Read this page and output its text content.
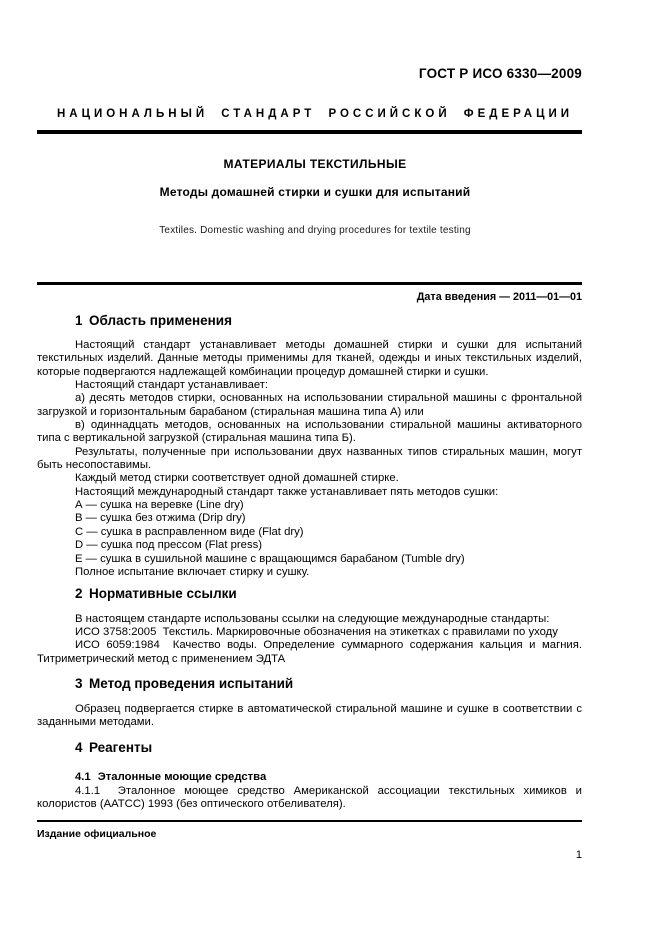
ГОСТ Р ИСО 6330—2009
НАЦИОНАЛЬНЫЙ СТАНДАРТ РОССИЙСКОЙ ФЕДЕРАЦИИ
МАТЕРИАЛЫ ТЕКСТИЛЬНЫЕ
Методы домашней стирки и сушки для испытаний
Textiles. Domestic washing and drying procedures for textile testing
Дата введения — 2011—01—01
1 Область применения

Настоящий стандарт устанавливает методы домашней стирки и сушки для испытаний текстильных изделий. Данные методы применимы для тканей, одежды и иных текстильных изделий, которые подвергаются надлежащей комбинации процедур домашней стирки и сушки.

Настоящий стандарт устанавливает:

а) десять методов стирки, основанных на использовании стиральной машины с фронтальной загрузкой и горизонтальным барабаном (стиральная машина типа А) или

в) одиннадцать методов, основанных на использовании стиральной машины активаторного типа с вертикальной загрузкой (стиральная машина типа Б).

Результаты, полученные при использовании двух названных типов стиральных машин, могут быть несопоставимы.

Каждый метод стирки соответствует одной домашней стирке.

Настоящий международный стандарт также устанавливает пять методов сушки:

А — сушка на веревке (Line dry)

В — сушка без отжима (Drip dry)

С — сушка в расправленном виде (Flat dry)

D — сушка под прессом (Flat press)

Е — сушка в сушильной машине с вращающимся барабаном (Tumble dry)

Полное испытание включает стирку и сушку.

2 Нормативные ссылки

В настоящем стандарте использованы ссылки на следующие международные стандарты:

ИСО 3758:2005  Текстиль. Маркировочные обозначения на этикетках с правилами по уходу

ИСО 6059:1984  Качество воды. Определение суммарного содержания кальция и магния. Титриметрический метод с применением ЭДТА

3 Метод проведения испытаний

Образец подвергается стирке в автоматической стиральной машине и сушке в соответствии с заданными методами.

4 Реагенты
4.1 Эталонные моющие средства

4.1.1  Эталонное моющее средство Американской ассоциации текстильных химиков и колористов (ААТСС) 1993 (без оптического отбеливателя).

Издание официальное
1
